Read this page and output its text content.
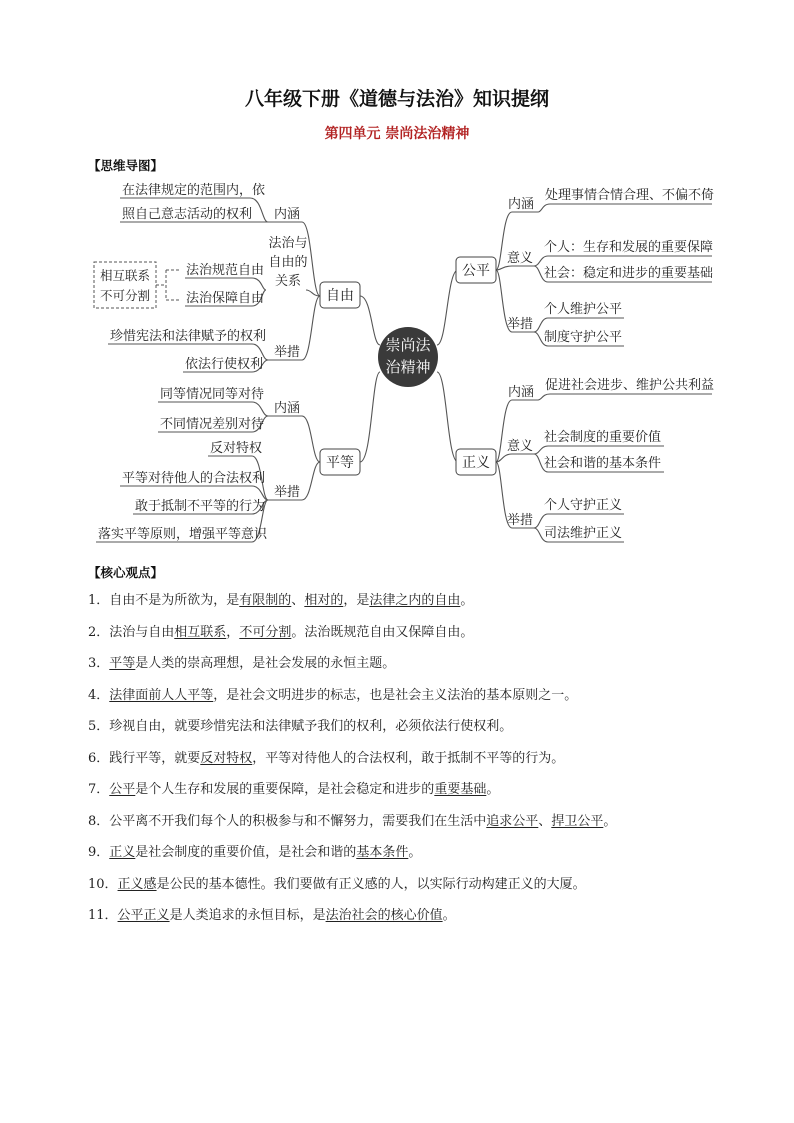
八年级下册《道德与法治》知识提纲
第四单元 崇尚法治精神
【思维导图】
崇尚法
治精神
自由
平等
公平
正义
内涵
在法律规定的范围内，依
照自己意志活动的权利
法治与
自由的
关系
法治规范自由
法治保障自由
相互联系
不可分割
举措
珍惜宪法和法律赋予的权利
依法行使权利
内涵
同等情况同等对待
不同情况差别对待
举措
反对特权
平等对待他人的合法权利
敢于抵制不平等的行为
落实平等原则，增强平等意识
内涵
处理事情合情合理、不偏不倚
意义
个人：生存和发展的重要保障
社会：稳定和进步的重要基础
举措
个人维护公平
制度守护公平
内涵 促进社会进步、维护公共利益
意义
社会制度的重要价值
社会和谐的基本条件
举措
个人守护正义
司法维护正义
【核心观点】
1．自由不是为所欲为，是有限制的、相对的，是法律之内的自由。
2．法治与自由相互联系，不可分割。法治既规范自由又保障自由。
3．平等是人类的崇高理想，是社会发展的永恒主题。
4．法律面前人人平等，是社会文明进步的标志，也是社会主义法治的基本原则之一。
5．珍视自由，就要珍惜宪法和法律赋予我们的权利，必须依法行使权利。
6．践行平等，就要反对特权，平等对待他人的合法权利，敢于抵制不平等的行为。
7．公平是个人生存和发展的重要保障，是社会稳定和进步的重要基础。
8．公平离不开我们每个人的积极参与和不懈努力，需要我们在生活中追求公平、捍卫公平。
9．正义是社会制度的重要价值，是社会和谐的基本条件。
10．正义感是公民的基本德性。我们要做有正义感的人，以实际行动构建正义的大厦。
11．公平正义是人类追求的永恒目标，是法治社会的核心价值。
